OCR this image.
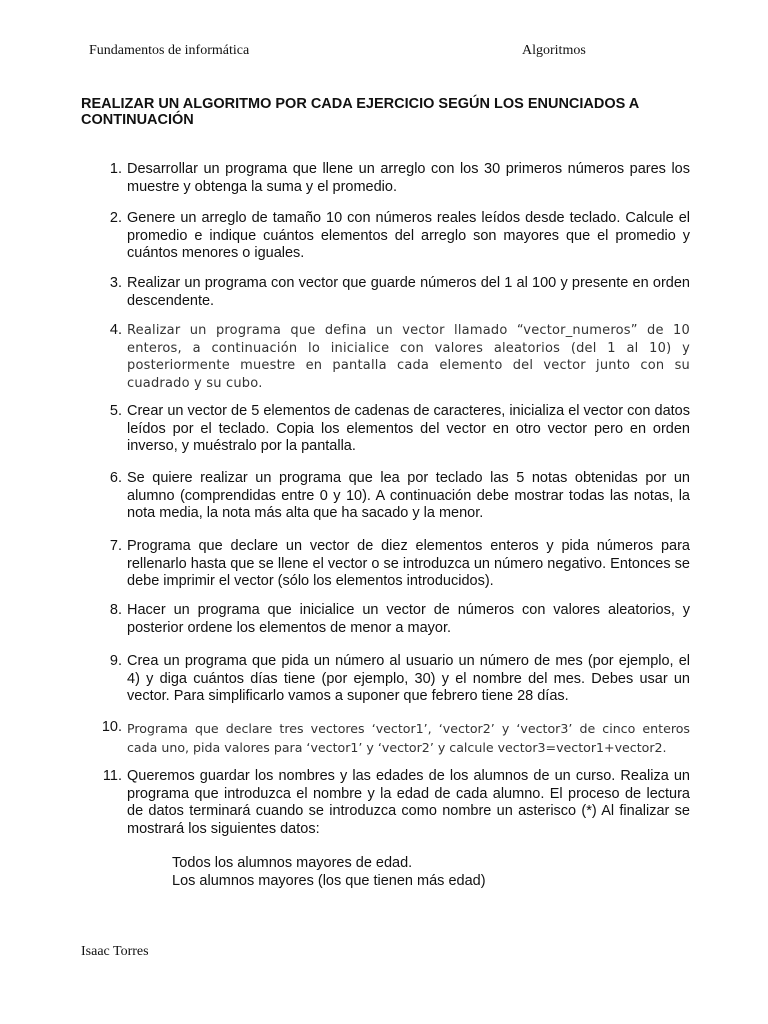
Fundamentos de informática	Algoritmos
REALIZAR UN ALGORITMO POR CADA EJERCICIO SEGÚN LOS ENUNCIADOS A CONTINUACIÓN
1. Desarrollar un programa que llene un arreglo con los 30 primeros números pares los muestre y obtenga la suma y el promedio.
2. Genere un arreglo de tamaño 10 con números reales leídos desde teclado. Calcule el promedio e indique cuántos elementos del arreglo son mayores que el promedio y cuántos menores o iguales.
3. Realizar un programa con vector que guarde números del 1 al 100 y presente en orden descendente.
4. Realizar un programa que defina un vector llamado “vector_numeros” de 10 enteros, a continuación lo inicialice con valores aleatorios (del 1 al 10) y posteriormente muestre en pantalla cada elemento del vector junto con su cuadrado y su cubo.
5. Crear un vector de 5 elementos de cadenas de caracteres, inicializa el vector con datos leídos por el teclado. Copia los elementos del vector en otro vector pero en orden inverso, y muéstralo por la pantalla.
6. Se quiere realizar un programa que lea por teclado las 5 notas obtenidas por un alumno (comprendidas entre 0 y 10). A continuación debe mostrar todas las notas, la nota media, la nota más alta que ha sacado y la menor.
7. Programa que declare un vector de diez elementos enteros y pida números para rellenarlo hasta que se llene el vector o se introduzca un número negativo. Entonces se debe imprimir el vector (sólo los elementos introducidos).
8. Hacer un programa que inicialice un vector de números con valores aleatorios, y posterior ordene los elementos de menor a mayor.
9. Crea un programa que pida un número al usuario un número de mes (por ejemplo, el 4) y diga cuántos días tiene (por ejemplo, 30) y el nombre del mes. Debes usar un vector. Para simplificarlo vamos a suponer que febrero tiene 28 días.
10. Programa que declare tres vectores ‘vector1’, ‘vector2’ y ‘vector3’ de cinco enteros cada uno, pida valores para ‘vector1’ y ‘vector2’ y calcule vector3=vector1+vector2.
11. Queremos guardar los nombres y las edades de los alumnos de un curso. Realiza un programa que introduzca el nombre y la edad de cada alumno. El proceso de lectura de datos terminará cuando se introduzca como nombre un asterisco (*) Al finalizar se mostrará los siguientes datos:
Todos los alumnos mayores de edad.
Los alumnos mayores (los que tienen más edad)
Isaac Torres
